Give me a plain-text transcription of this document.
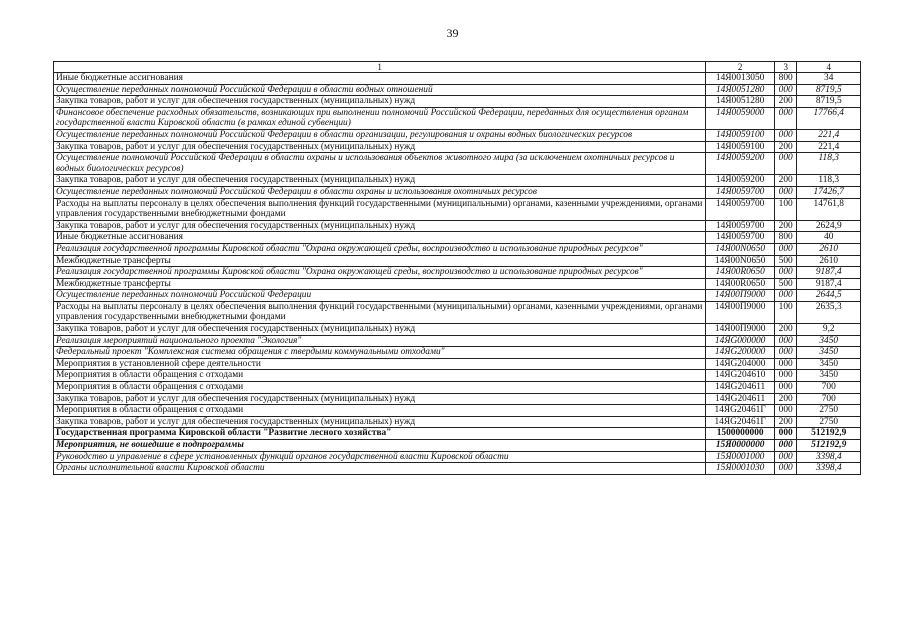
39
1	2	3	4
Иные бюджетные ассигнования	14Я0013050	800	34
Осуществление переданных полномочий Российской Федерации в области водных отношений	14Я0051280	000	8719,5
Закупка товаров, работ и услуг для обеспечения государственных (муниципальных) нужд	14Я0051280	200	8719,5
Финансовое обеспечение расходных обязательств, возникающих при выполнении полномочий Российской Федерации, переданных для осуществления органам государственной власти Кировской области (в рамках единой субвенции)	14Я0059000	000	17766,4
Осуществление переданных полномочий Российской Федерации в области организации, регулирования и охраны водных биологических ресурсов	14Я0059100	000	221,4
Закупка товаров, работ и услуг для обеспечения государственных (муниципальных) нужд	14Я0059100	200	221,4
Осуществление полномочий Российской Федерации в области охраны и использования объектов животного мира (за исключением охотничьих ресурсов и водных биологических ресурсов)	14Я0059200	000	118,3
Закупка товаров, работ и услуг для обеспечения государственных (муниципальных) нужд	14Я0059200	200	118,3
Осуществление переданных полномочий Российской Федерации в области охраны и использования охотничьих ресурсов	14Я0059700	000	17426,7
Расходы на выплаты персоналу в целях обеспечения выполнения функций государственными (муниципальными) органами, казенными учреждениями, органами управления государственными внебюджетными фондами	14Я0059700	100	14761,8
Закупка товаров, работ и услуг для обеспечения государственных (муниципальных) нужд	14Я0059700	200	2624,9
Иные бюджетные ассигнования	14Я0059700	800	40
Реализация государственной программы Кировской области "Охрана окружающей среды, воспроизводство и использование природных ресурсов"	14Я00N0650	000	2610
Межбюджетные трансферты	14Я00N0650	500	2610
Реализация государственной программы Кировской области "Охрана окружающей среды, воспроизводство и использование природных ресурсов"	14Я00R0650	000	9187,4
Межбюджетные трансферты	14Я00R0650	500	9187,4
Осуществление переданных полномочий Российской Федерации	14Я00П9000	000	2644,5
Расходы на выплаты персоналу в целях обеспечения выполнения функций государственными (муниципальными) органами, казенными учреждениями, органами управления государственными внебюджетными фондами	14Я00П9000	100	2635,3
Закупка товаров, работ и услуг для обеспечения государственных (муниципальных) нужд	14Я00П9000	200	9,2
Реализация мероприятий национального проекта "Экология"	14ЯG000000	000	3450
Федеральный проект "Комплексная система обращения с твердыми коммунальными отходами"	14ЯG200000	000	3450
Мероприятия в установленной сфере деятельности	14ЯG204000	000	3450
Мероприятия в области обращения с отходами	14ЯG204610	000	3450
Мероприятия в области обращения с отходами	14ЯG204611	000	700
Закупка товаров, работ и услуг для обеспечения государственных (муниципальных) нужд	14ЯG204611	200	700
Мероприятия в области обращения с отходами	14ЯG20461Г	000	2750
Закупка товаров, работ и услуг для обеспечения государственных (муниципальных) нужд	14ЯG20461Г	200	2750
Государственная программа Кировской области "Развитие лесного хозяйства"	1500000000	000	512192,9
Мероприятия, не вошедшие в подпрограммы	15Я0000000	000	512192,9
Руководство и управление в сфере установленных функций органов государственной власти Кировской области	15Я0001000	000	3398,4
Органы исполнительной власти Кировской области	15Я0001030	000	3398,4
